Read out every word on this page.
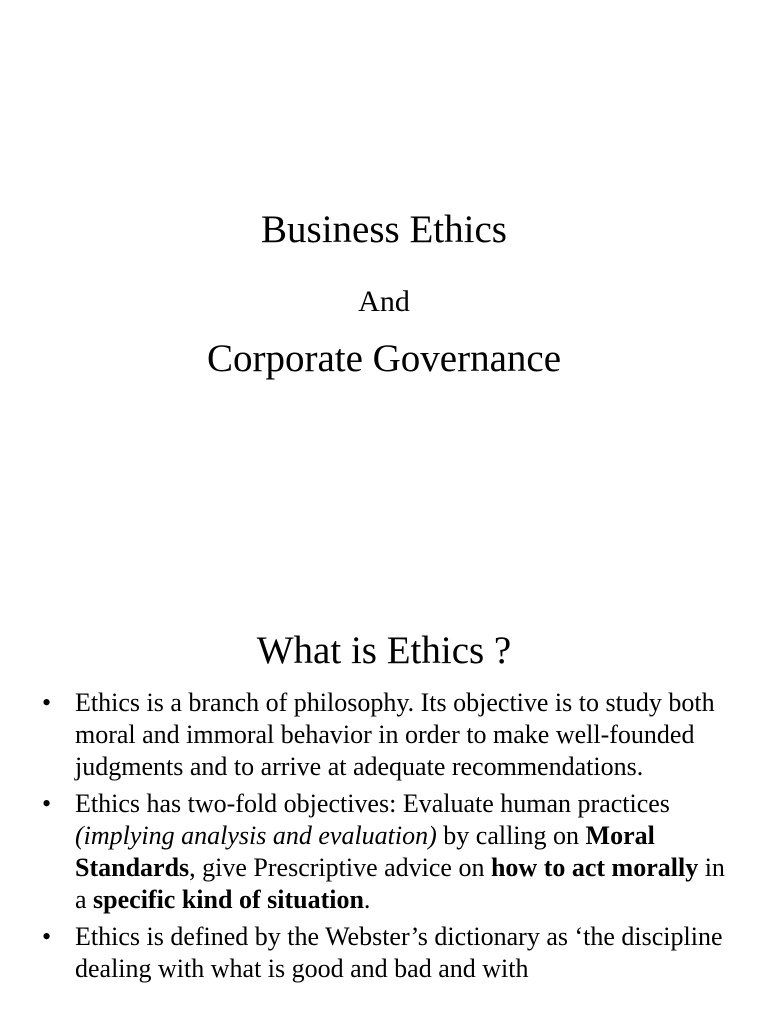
Business Ethics
And
Corporate Governance
What is Ethics ?
• Ethics is a branch of philosophy. Its objective is to study both moral and immoral behavior in order to make well-founded judgments and to arrive at adequate recommendations.
• Ethics has two-fold objectives: Evaluate human practices (implying analysis and evaluation) by calling on Moral Standards, give Prescriptive advice on how to act morally in a specific kind of situation.
• Ethics is defined by the Webster’s dictionary as ‘the discipline dealing with what is good and bad and with
